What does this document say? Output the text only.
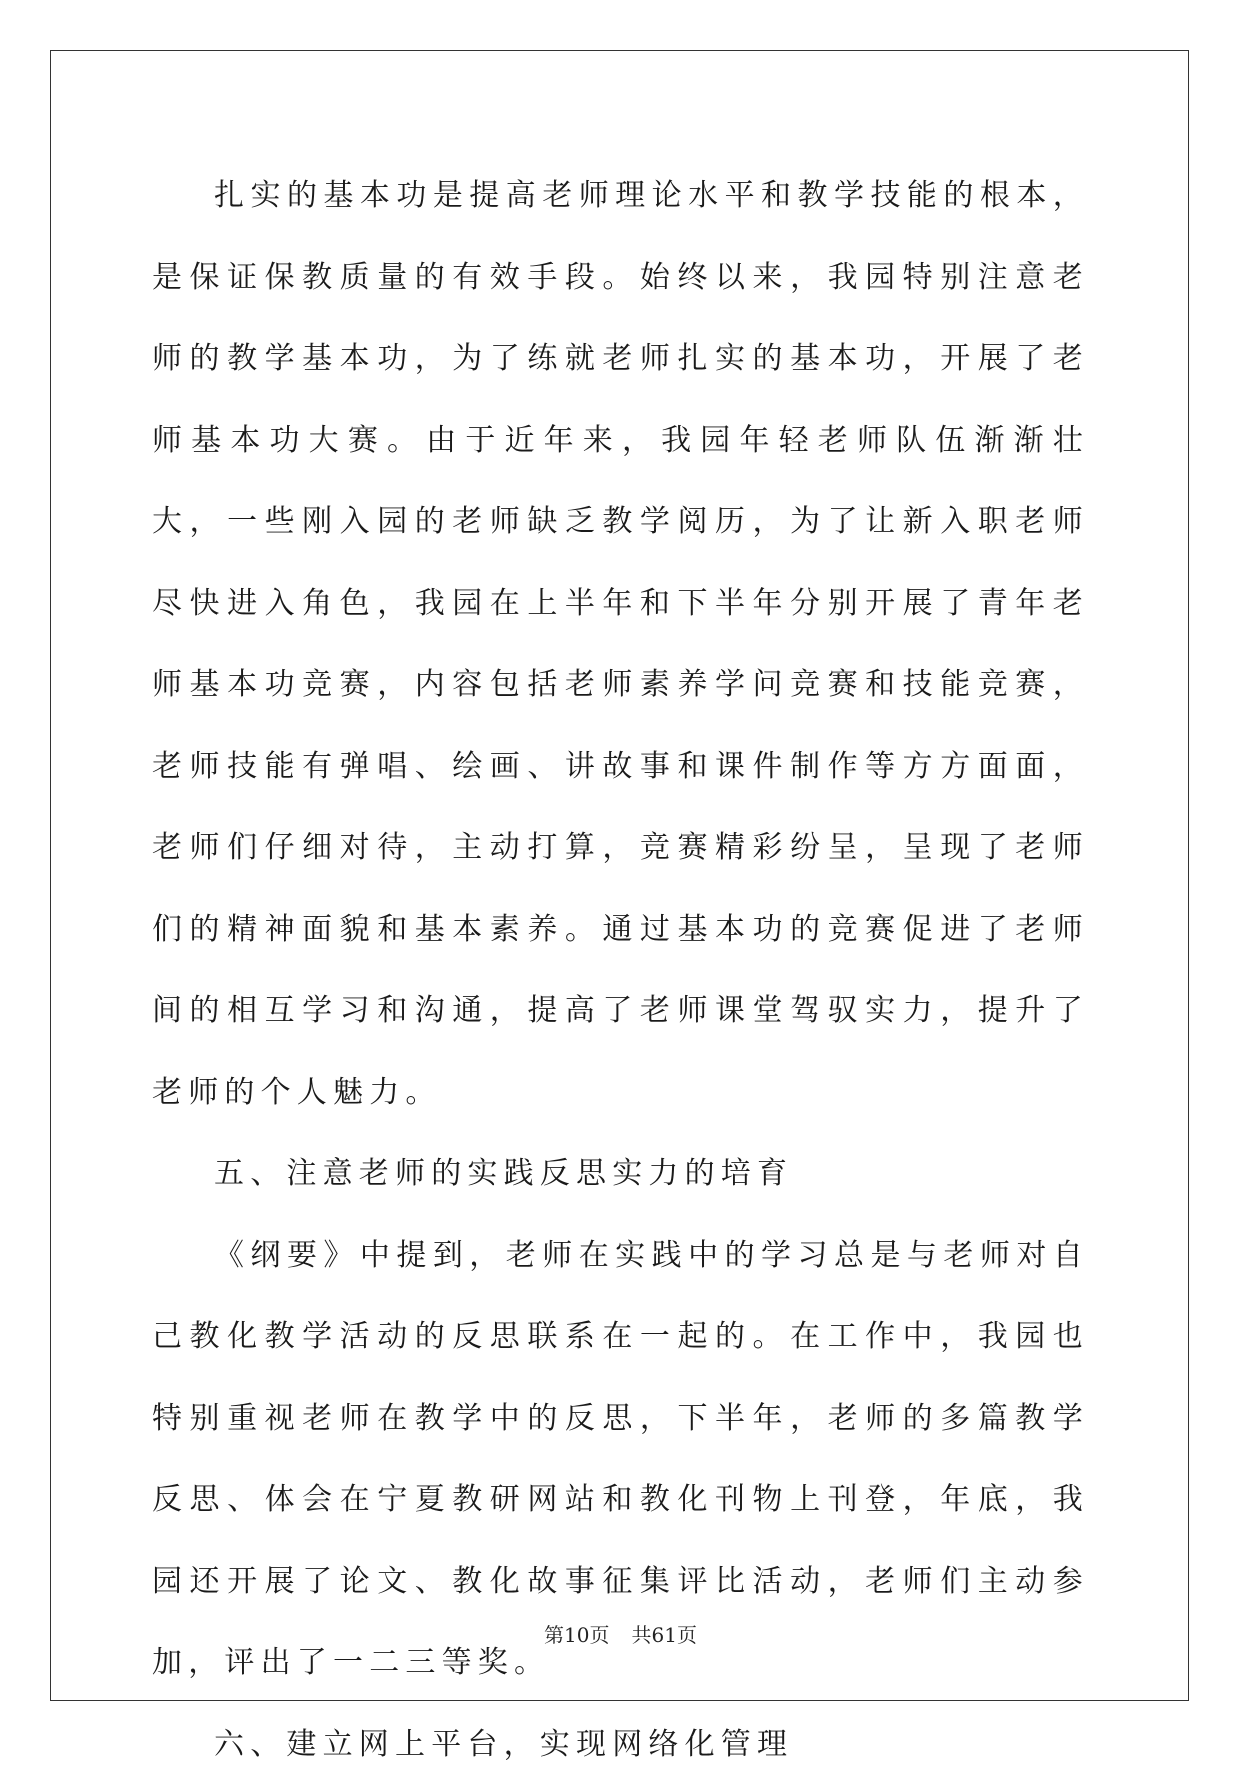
扎实的基本功是提高老师理论水平和教学技能的根本，是保证保教质量的有效手段。始终以来，我园特别注意老师的教学基本功，为了练就老师扎实的基本功，开展了老师基本功大赛。由于近年来，我园年轻老师队伍渐渐壮大，一些刚入园的老师缺乏教学阅历，为了让新入职老师尽快进入角色，我园在上半年和下半年分别开展了青年老师基本功竞赛，内容包括老师素养学问竞赛和技能竞赛，老师技能有弹唱、绘画、讲故事和课件制作等方方面面，老师们仔细对待，主动打算，竞赛精彩纷呈，呈现了老师们的精神面貌和基本素养。通过基本功的竞赛促进了老师间的相互学习和沟通，提高了老师课堂驾驭实力，提升了老师的个人魅力。

五、注意老师的实践反思实力的培育

《纲要》中提到，老师在实践中的学习总是与老师对自己教化教学活动的反思联系在一起的。在工作中，我园也特别重视老师在教学中的反思，下半年，老师的多篇教学反思、体会在宁夏教研网站和教化刊物上刊登，年底，我园还开展了论文、教化故事征集评比活动，老师们主动参加，评出了一二三等奖。

六、建立网上平台，实现网络化管理

第10页 共61页
